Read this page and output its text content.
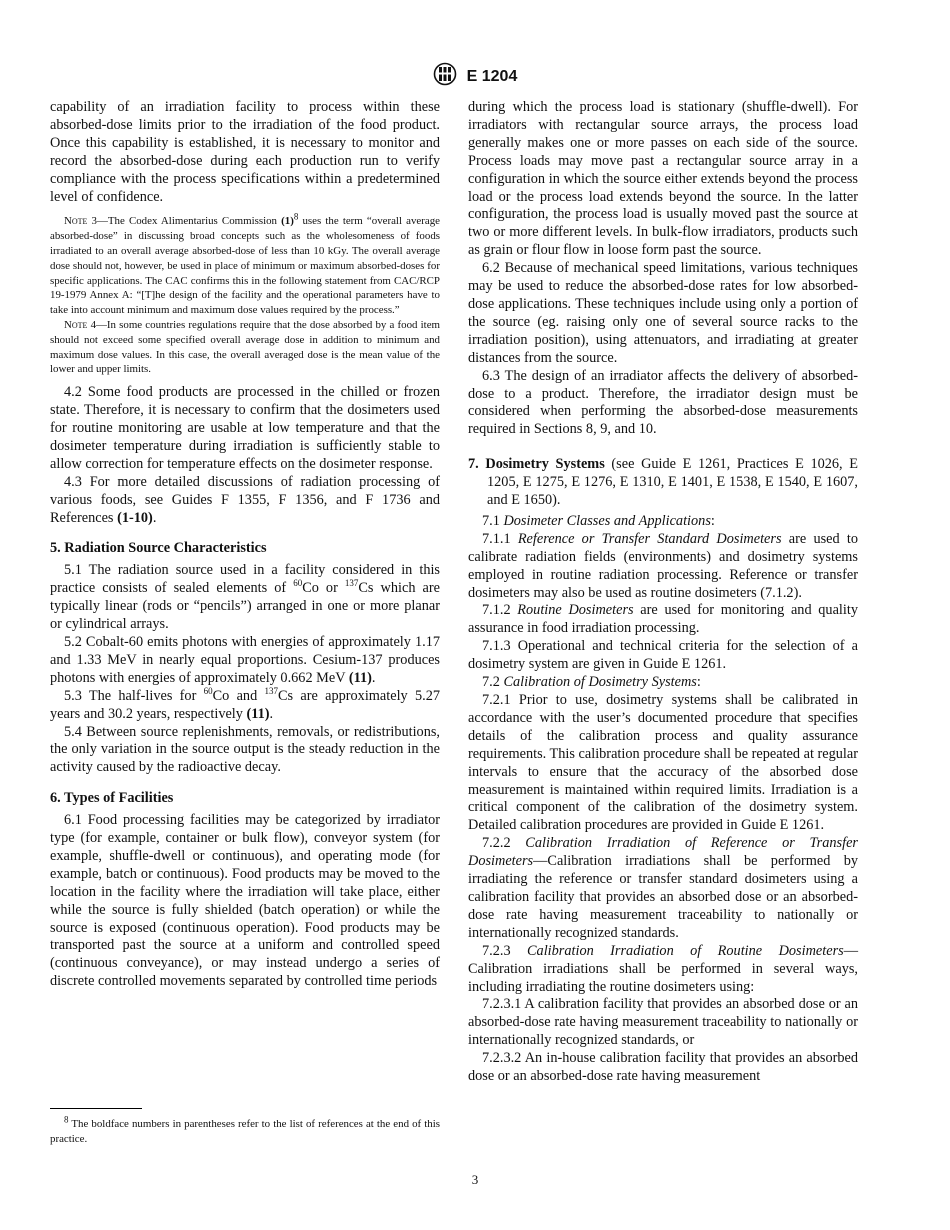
E 1204

capability of an irradiation facility to process within these absorbed-dose limits prior to the irradiation of the food product. Once this capability is established, it is necessary to monitor and record the absorbed-dose during each production run to verify compliance with the process specifications within a predetermined level of confidence.

Note 3—The Codex Alimentarius Commission $(1)^8$ uses the term “overall average absorbed-dose” in discussing broad concepts such as the wholesomeness of foods irradiated to an overall average absorbed-dose of less than 10 kGy. The overall average dose should not, however, be used in place of minimum or maximum absorbed-doses for specific applications. The CAC confirms this in the following statement from CAC/RCP 19-1979 Annex A: “[T]he design of the facility and the operational parameters have to take into account minimum and maximum dose values required by the process.”

Note 4—In some countries regulations require that the dose absorbed by a food item should not exceed some specified overall average dose in addition to minimum and maximum dose values. In this case, the overall averaged dose is the mean value of the lower and upper limits.

4.2 Some food products are processed in the chilled or frozen state. Therefore, it is necessary to confirm that the dosimeters used for routine monitoring are usable at low temperature and that the dosimeter temperature during irradiation is sufficiently stable to allow correction for temperature effects on the dosimeter response.

4.3 For more detailed discussions of radiation processing of various foods, see Guides F 1355, F 1356, and F 1736 and References (1-10).

5. Radiation Source Characteristics

5.1 The radiation source used in a facility considered in this practice consists of sealed elements of $^{60}$Co or $^{137}$Cs which are typically linear (rods or “pencils”) arranged in one or more planar or cylindrical arrays.

5.2 Cobalt-60 emits photons with energies of approximately 1.17 and 1.33 MeV in nearly equal proportions. Cesium-137 produces photons with energies of approximately 0.662 MeV (11).

5.3 The half-lives for $^{60}$Co and $^{137}$Cs are approximately 5.27 years and 30.2 years, respectively (11).

5.4 Between source replenishments, removals, or redistributions, the only variation in the source output is the steady reduction in the activity caused by the radioactive decay.

6. Types of Facilities

6.1 Food processing facilities may be categorized by irradiator type (for example, container or bulk flow), conveyor system (for example, shuffle-dwell or continuous), and operating mode (for example, batch or continuous). Food products may be moved to the location in the facility where the irradiation will take place, either while the source is fully shielded (batch operation) or while the source is exposed (continuous operation). Food products may be transported past the source at a uniform and controlled speed (continuous conveyance), or may instead undergo a series of discrete controlled movements separated by controlled time periods

$^8$ The boldface numbers in parentheses refer to the list of references at the end of this practice.

during which the process load is stationary (shuffle-dwell). For irradiators with rectangular source arrays, the process load generally makes one or more passes on each side of the source. Process loads may move past a rectangular source array in a configuration in which the source either extends beyond the process load or the process load extends beyond the source. In the latter configuration, the process load is usually moved past the source at two or more different levels. In bulk-flow irradiators, products such as grain or flour flow in loose form past the source.

6.2 Because of mechanical speed limitations, various techniques may be used to reduce the absorbed-dose rates for low absorbed-dose applications. These techniques include using only a portion of the source (eg. raising only one of several source racks to the irradiation position), using attenuators, and irradiating at greater distances from the source.

6.3 The design of an irradiator affects the delivery of absorbed-dose to a product. Therefore, the irradiator design must be considered when performing the absorbed-dose measurements required in Sections 8, 9, and 10.

7. Dosimetry Systems (see Guide E 1261, Practices E 1026, E 1205, E 1275, E 1276, E 1310, E 1401, E 1538, E 1540, E 1607, and E 1650).

7.1 Dosimeter Classes and Applications:

7.1.1 Reference or Transfer Standard Dosimeters are used to calibrate radiation fields (environments) and dosimetry systems employed in routine radiation processing. Reference or transfer dosimeters may also be used as routine dosimeters (7.1.2).

7.1.2 Routine Dosimeters are used for monitoring and quality assurance in food irradiation processing.

7.1.3 Operational and technical criteria for the selection of a dosimetry system are given in Guide E 1261.

7.2 Calibration of Dosimetry Systems:

7.2.1 Prior to use, dosimetry systems shall be calibrated in accordance with the user’s documented procedure that specifies details of the calibration process and quality assurance requirements. This calibration procedure shall be repeated at regular intervals to ensure that the accuracy of the absorbed dose measurement is maintained within required limits. Irradiation is a critical component of the calibration of the dosimetry system. Detailed calibration procedures are provided in Guide E 1261.

7.2.2 Calibration Irradiation of Reference or Transfer Dosimeters—Calibration irradiations shall be performed by irradiating the reference or transfer standard dosimeters using a calibration facility that provides an absorbed dose or an absorbed-dose rate having measurement traceability to nationally or internationally recognized standards.

7.2.3 Calibration Irradiation of Routine Dosimeters—Calibration irradiations shall be performed in several ways, including irradiating the routine dosimeters using:

7.2.3.1 A calibration facility that provides an absorbed dose or an absorbed-dose rate having measurement traceability to nationally or internationally recognized standards, or

7.2.3.2 An in-house calibration facility that provides an absorbed dose or an absorbed-dose rate having measurement

3
